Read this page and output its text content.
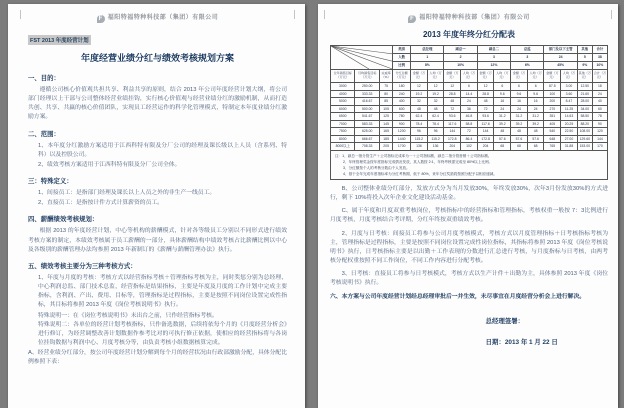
F 福阳特福特种科技部（集团）有限公司
FST 2013 年度经营计划
年度经营业绩分红与绩效考核规划方案
一、目的：
遵循公司核心价值观共担共享、利益共享的原则，结合 2013 年公司年度经营计划大纲，将公司部门经理以上干部与公司整体经营业绩挂钩，实行核心价值观与经营业绩分红的激励机制，从而打造共创、共享、共赢的核心价值团队，实现员工经营运作的科学化管理模式，特制定本年度业绩分红激励方案。
二、范围：
1、本年度分红激励方案适用于江西科特有限及分厂公司的经理及课长级以上人员（含系列、特科）以及控股公司。
2、绩效考核方案适用于江西科特有限及分厂公司全体。
三：特殊定义：
1、间接员工：是指部门经理及课长以上人员之外的非生产一线员工。
2、直接员工：是指按计件方式计算薪资的员工。
四、薪酬绩效考核规划：
根据 2013 的年度经营计划，中心等机构的薪酬模式，针对各等级员工分别以不同形式进行绩效考核方案的制定，本绩效考核属于员工薪酬的一部分，具体薪酬结构中绩效考核占比薪酬比例以中心及各级别的薪酬管理办法均参照 2013 年新制订的《薪酬与薪酬管理办法》执行。
五、绩效考核主要分为三种考核方式：
1、年度与月度的考核：考核方式以经营指标考核＋管理指标考核为主，同时奖惩分别为总经理、中心利润总监、部门技术总监，经营指标是结果指标，主要是年度及月度的工作计划中完成主要指标，含利润、产出、费用、目标等，管理指标是过程指标，主要是按照不同岗位设置完成性指标，其目标将参照 2013 年度《岗位考核说明书》执行。
特殊说明一：在《岗位考核说明书》未出台之前，只作经营指标考核。
特殊说明二：各单位的经营计划考核指标，只作备选数据，后续将依每个月的《月度经营分析会》进行修订，为经营调整改善计划数据作参考比对的可执行修正依据，使相应的经营指标将与各岗位挂钩数据与利润中心、月度考核分等，由负责考核小组数据核算完成。
A、经营业绩分红部分，按公司年度经营计划分解到每个月的经营状况由行政部激励分配，具体分配比例参照下表：
F 福阳特福特种科技部（集团）有限公司
2013 年度年终分红分配表
	类别	总经理		副总一		副总二		总监		部门及以下主管		其他	合计
			人数	1		2		3		3		24		5	38
			比例	8%		10%		12%		6%		45%		9%	10%
全年销售目标（万元）	月均销售目标（万元）	完成率（%）	分红总额（万元）	金额（万元）	人均（万元）	金额（万元）	人均（万元）	金额（万元）	人均（万元）	金额（万元）	人均（万元）	金额（万元）	人均（万元）	其他（万元）	合计（万元）
3000	250.00	75	180	12	12	12	6	12	6	6	6	87.5	3.00	12.50	18
4000	333.33	80	240	19.2	19.2	28.8	14.4	28.8	9.6	9.6	9.6	100	3.60	21.60	24
5000	416.67	85	400	32	32	48	24	48	16	16	16	200	8.47	28.00	40
6000	500.00	105	600	48	48	72	36	72	24	24	24	270	11.25	34.00	60
6500	541.67	125	780	62.4	62.4	93.6	46.8	93.6	31.2	31.2	31.2	351	14.63	58.50	78
7000	583.33	145	900	78.4	78.4	117.6	58.8	117.6	39.2	39.2	39.2	405	20.25	88.20	90
7500	625.00	165	1200	96	96	144	72	144	48	48	48	540	22.50	108.00	120
8000	666.67	185	1440	115.2	115.2	172.8	86.4	172.8	57.6	57.6	57.6	648	27.00	129.60	144
8000以上	708.33	205	1700	136	136	204	102	204	68	68	68	765	31.88	153.00	170

注：1、副总一指分管生产＋公司指标完成率为一＋公司指标额，副总二指分管营销＋公司指标额。
2、年终管理奖金按年度指标完成情况发放，其人数按 2:1，年终考核需完成至 80%以上比例。
3、分红额按个人的考核分数由个人发放。
4、基于全年完成年度指标率为分红考核期，低于 80%，来年分红奖励将按照分配予以相应递减。															
B、公司整体业绩分红部分，发放方式分为当月发放30%，年终发放30%，次年3月份发放30%的方式进行，剩下 10%将投入次年企业文化建设活动基金。
C、属于年度和月度双重考核岗位，考核指标中的经营指标和管理指标，考核权重一般按 7：3比例进行月度考核，月度考核结合考评期，分红年终按双重绩效考核。
2、月度与日考核：间接员工将参与公司月度考核模式，考核方式以月度管理指标＋日考核指标考核为主，管理指标是过程指标，主要是按照不同岗位设置完成性岗位指标，其指标将参照 2013 年度《岗位考核说明书》执行，日考核指标主要是以出勤＋工作表现的分数进行汇总进行考核，与月度指标与日考核，由两考核分配权重按照不同工作岗位，不同工作内容进行分配考核。
3、日考核：直接员工将参与日考核模式，考核方式以生产计件＋出勤为主，具体参照 2013 年度《岗位考核说明书》执行。
六、本方案与公司年度经营计划经总经理审批后一并生效，未尽事宜在月度经营分析会上进行解决。
总经理签署：
日期：2013 年 1 月 22 日
